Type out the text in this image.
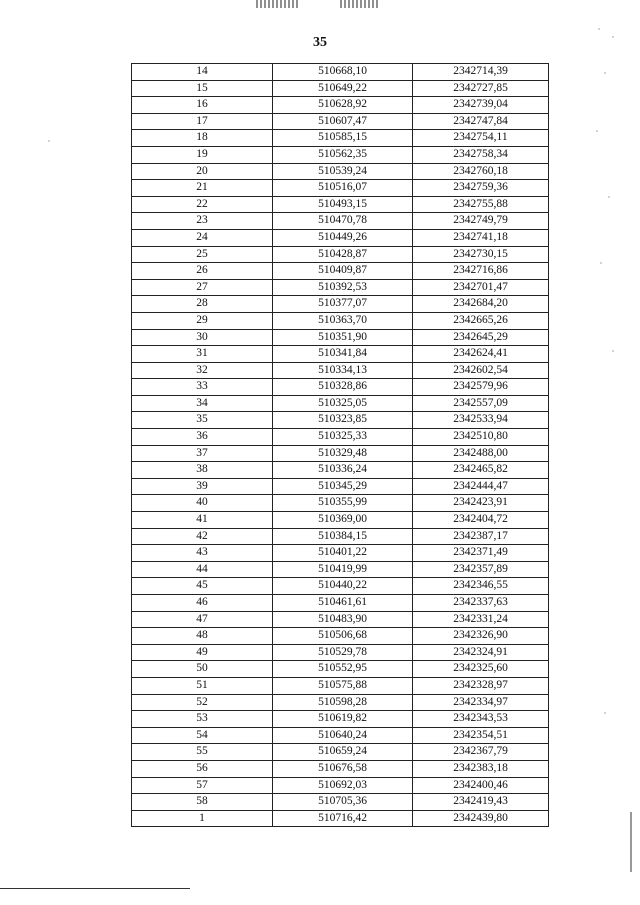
35
14	510668,10	2342714,39
15	510649,22	2342727,85
16	510628,92	2342739,04
17	510607,47	2342747,84
18	510585,15	2342754,11
19	510562,35	2342758,34
20	510539,24	2342760,18
21	510516,07	2342759,36
22	510493,15	2342755,88
23	510470,78	2342749,79
24	510449,26	2342741,18
25	510428,87	2342730,15
26	510409,87	2342716,86
27	510392,53	2342701,47
28	510377,07	2342684,20
29	510363,70	2342665,26
30	510351,90	2342645,29
31	510341,84	2342624,41
32	510334,13	2342602,54
33	510328,86	2342579,96
34	510325,05	2342557,09
35	510323,85	2342533,94
36	510325,33	2342510,80
37	510329,48	2342488,00
38	510336,24	2342465,82
39	510345,29	2342444,47
40	510355,99	2342423,91
41	510369,00	2342404,72
42	510384,15	2342387,17
43	510401,22	2342371,49
44	510419,99	2342357,89
45	510440,22	2342346,55
46	510461,61	2342337,63
47	510483,90	2342331,24
48	510506,68	2342326,90
49	510529,78	2342324,91
50	510552,95	2342325,60
51	510575,88	2342328,97
52	510598,28	2342334,97
53	510619,82	2342343,53
54	510640,24	2342354,51
55	510659,24	2342367,79
56	510676,58	2342383,18
57	510692,03	2342400,46
58	510705,36	2342419,43
1	510716,42	2342439,80
